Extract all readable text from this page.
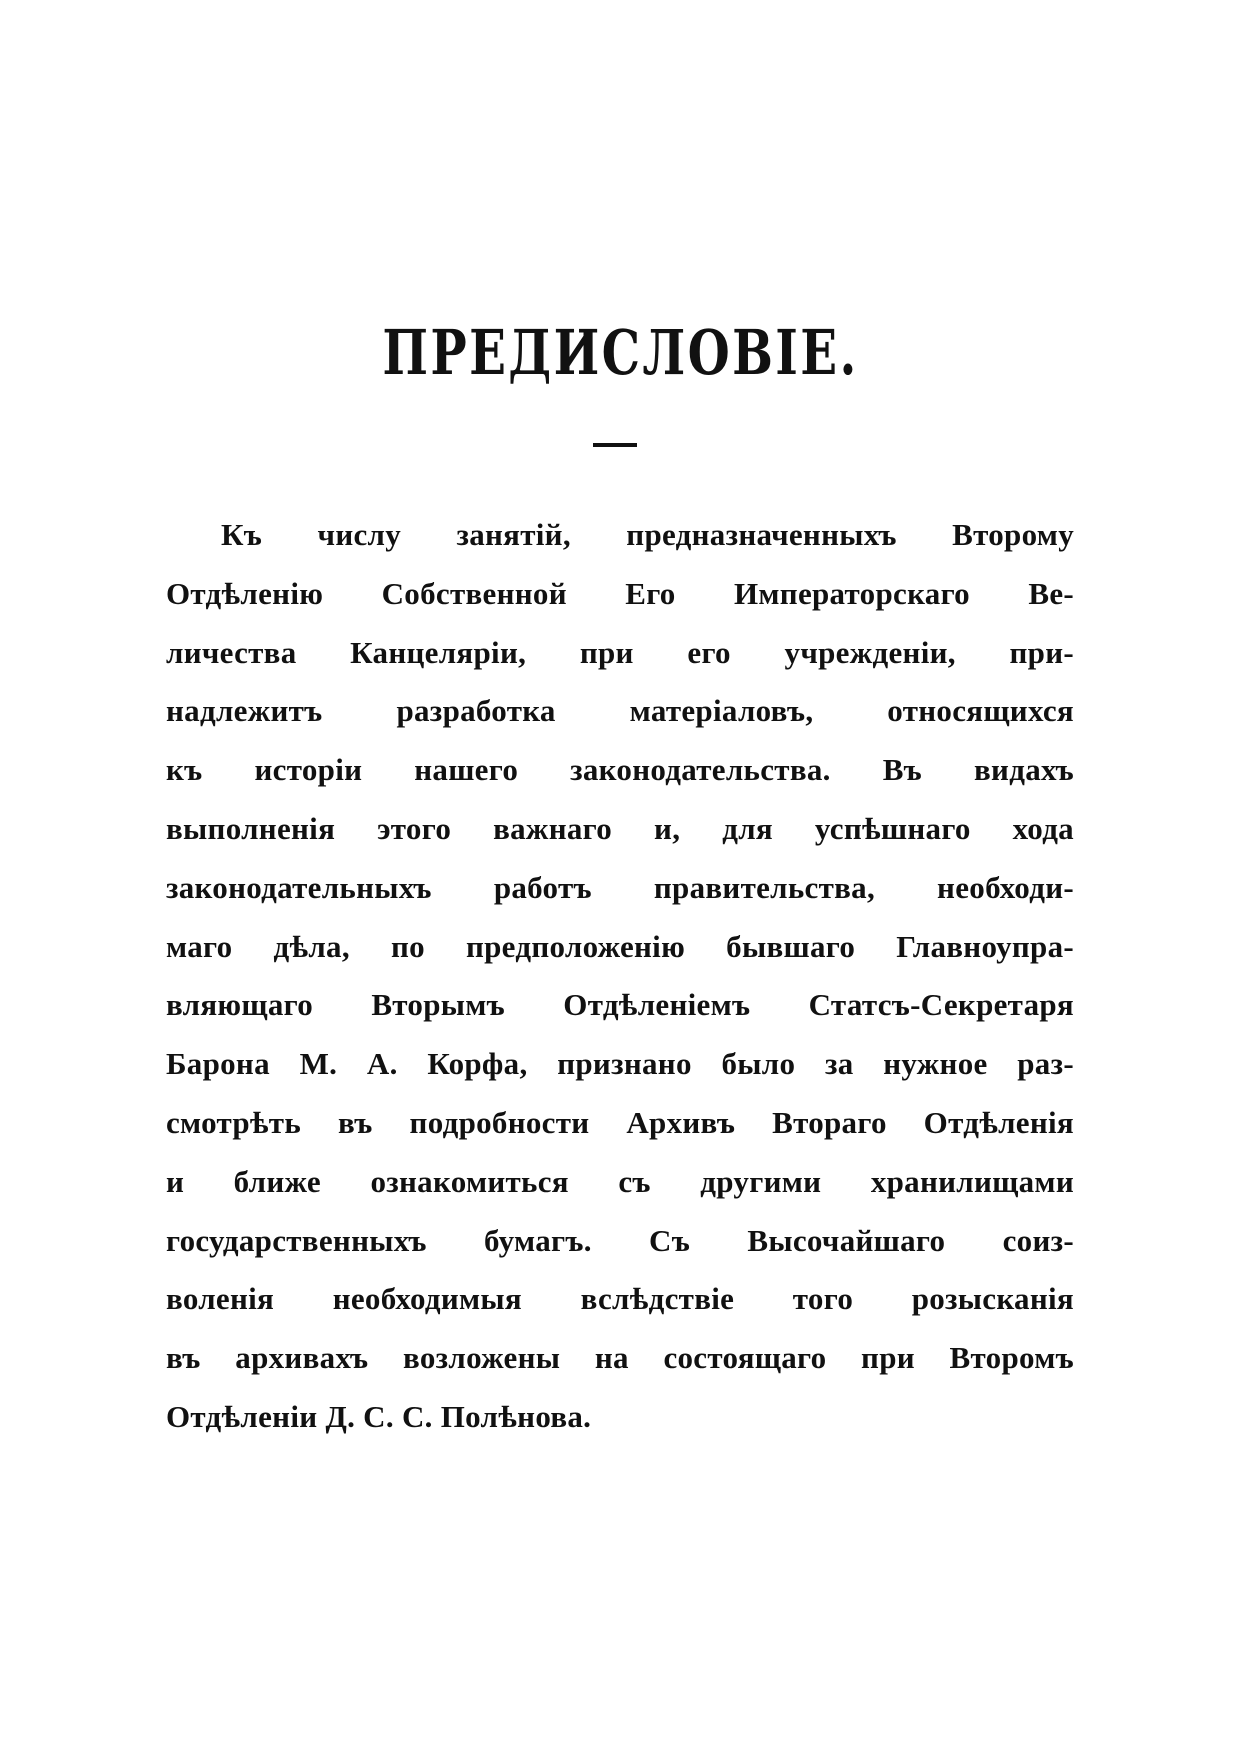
ПРЕДИСЛОВІЕ.
Къ числу занятій, предназначенныхъ Второму
Отдѣленію Собственной Его Императорскаго Ве-
личества Канцеляріи, при его учрежденіи, при-
надлежитъ разработка матеріаловъ, относящихся
къ исторіи нашего законодательства. Въ видахъ
выполненія этого важнаго и, для успѣшнаго хода
законодательныхъ работъ правительства, необходи-
маго дѣла, по предположенію бывшаго Главноупра-
вляющаго Вторымъ Отдѣленіемъ Статсъ-Секретаря
Барона М. А. Корфа, признано было за нужное раз-
смотрѣть въ подробности Архивъ Втораго Отдѣленія
и ближе ознакомиться съ другими хранилищами
государственныхъ бумагъ. Съ Высочайшаго соиз-
воленія необходимыя вслѣдствіе того розысканія
въ архивахъ возложены на состоящаго при Второмъ
Отдѣленіи Д. С. С. Полѣнова.
